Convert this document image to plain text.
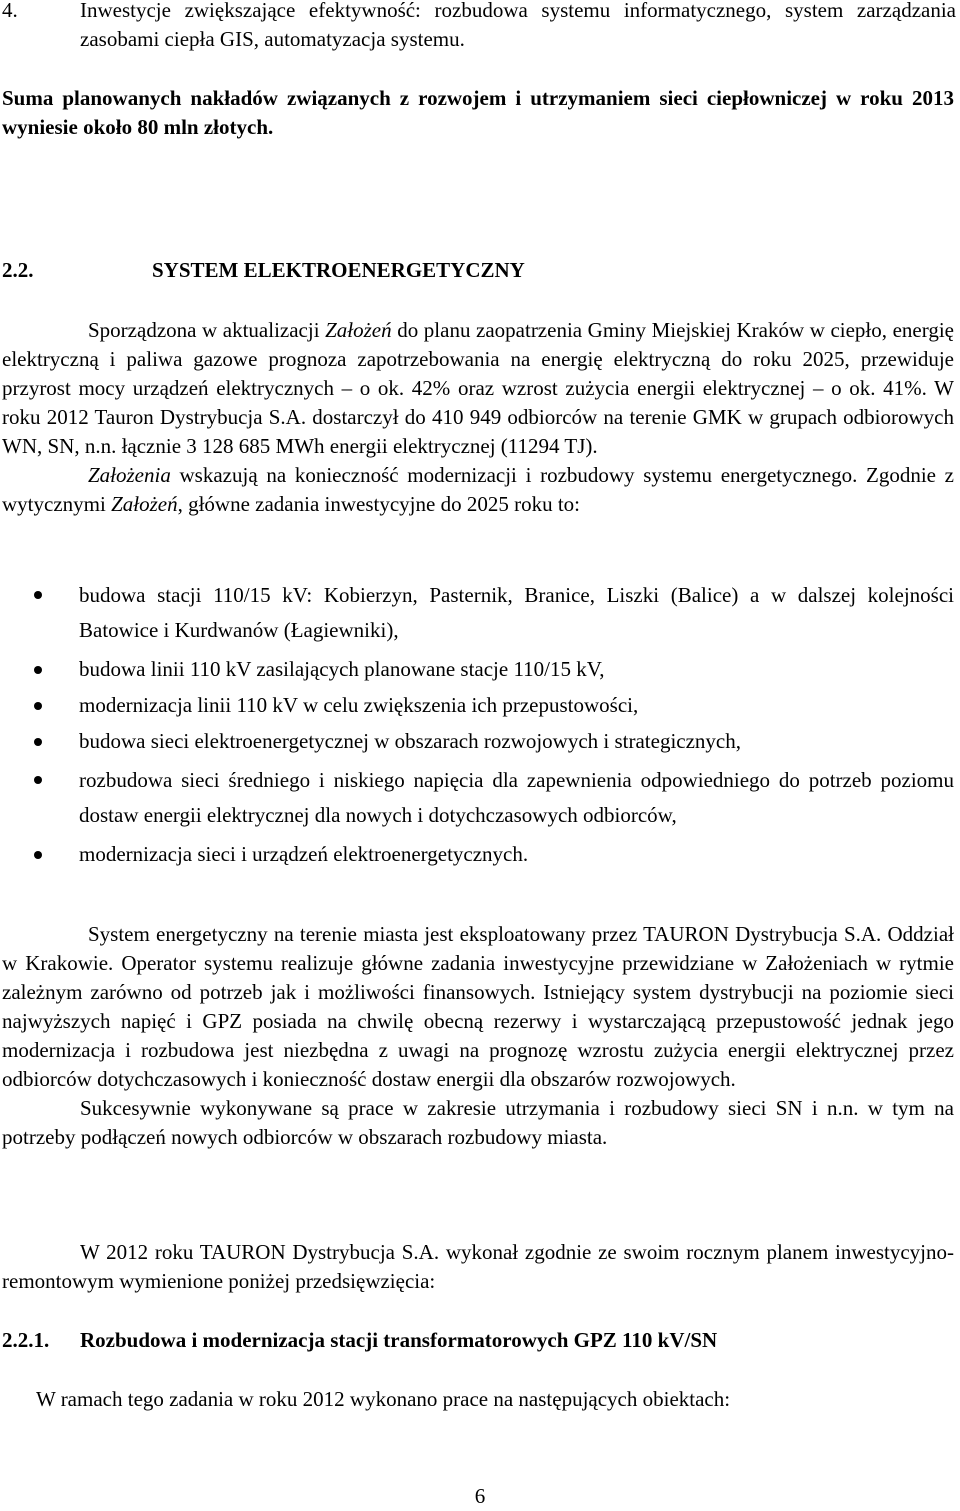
4.	Inwestycje zwiększające efektywność: rozbudowa systemu informatycznego, system zarządzania zasobami ciepła GIS, automatyzacja systemu.
Suma planowanych nakładów związanych z rozwojem i utrzymaniem sieci ciepłowniczej w roku 2013 wyniesie około 80 mln złotych.
2.2.	SYSTEM ELEKTROENERGETYCZNY
Sporządzona w aktualizacji Założeń do planu zaopatrzenia Gminy Miejskiej Kraków w ciepło, energię elektryczną i paliwa gazowe prognoza zapotrzebowania na energię elektryczną do roku 2025, przewiduje przyrost mocy urządzeń elektrycznych – o ok. 42% oraz wzrost zużycia energii elektrycznej – o ok. 41%. W roku 2012 Tauron Dystrybucja S.A. dostarczył do 410 949 odbiorców na terenie GMK w grupach odbiorowych WN, SN, n.n. łącznie 3 128 685 MWh energii elektrycznej (11294 TJ).
Założenia wskazują na konieczność modernizacji i rozbudowy systemu energetycznego. Zgodnie z wytycznymi Założeń, główne zadania inwestycyjne do 2025 roku to:
budowa stacji 110/15 kV: Kobierzyn, Pasternik, Branice, Liszki (Balice) a w dalszej kolejności Batowice i Kurdwanów (Łagiewniki),
budowa linii 110 kV zasilających planowane stacje 110/15 kV,
modernizacja linii 110 kV w celu zwiększenia ich przepustowości,
budowa sieci elektroenergetycznej w obszarach rozwojowych i strategicznych,
rozbudowa sieci średniego i niskiego napięcia dla zapewnienia odpowiedniego do potrzeb poziomu dostaw energii elektrycznej dla nowych i dotychczasowych odbiorców,
modernizacja sieci i urządzeń elektroenergetycznych.
System energetyczny na terenie miasta jest eksploatowany przez TAURON Dystrybucja S.A. Oddział w Krakowie. Operator systemu realizuje główne zadania inwestycyjne przewidziane w Założeniach w rytmie zależnym zarówno od potrzeb jak i możliwości finansowych. Istniejący system dystrybucji na poziomie sieci najwyższych napięć i GPZ posiada na chwilę obecną rezerwy i wystarczającą przepustowość jednak jego modernizacja i rozbudowa jest niezbędna z uwagi na prognozę wzrostu zużycia energii elektrycznej przez odbiorców dotychczasowych i konieczność dostaw energii dla obszarów rozwojowych.
Sukcesywnie wykonywane są prace w zakresie utrzymania i rozbudowy sieci SN i n.n. w tym na potrzeby podłączeń nowych odbiorców w obszarach rozbudowy miasta.
W 2012 roku TAURON Dystrybucja S.A. wykonał zgodnie ze swoim rocznym planem inwestycyjno-remontowym wymienione poniżej przedsięwzięcia:
2.2.1. Rozbudowa i modernizacja stacji transformatorowych GPZ 110 kV/SN
W ramach tego zadania w roku 2012 wykonano prace na następujących obiektach:
6
